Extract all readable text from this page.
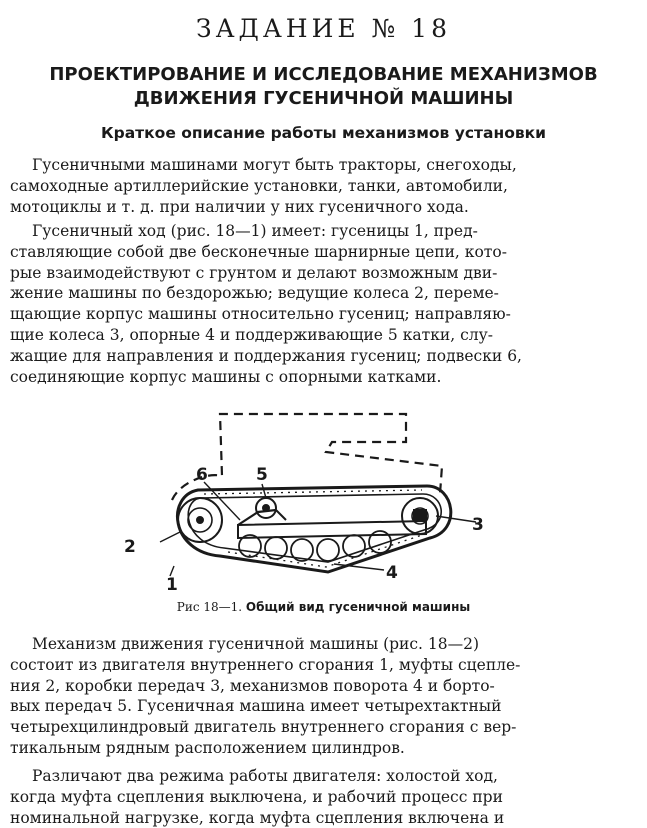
ЗАДАНИЕ № 18
ПРОЕКТИРОВАНИЕ И ИССЛЕДОВАНИЕ МЕХАНИЗМОВ
ДВИЖЕНИЯ ГУСЕНИЧНОЙ МАШИНЫ
Краткое описание работы механизмов установки

Гусеничными машинами могут быть тракторы, снегоходы,
самоходные артиллерийские установки, танки, автомобили,
мотоциклы и т. д. при наличии у них гусеничного хода.

Гусеничный ход (рис. 18—1) имеет: гусеницы 1, пред-
ставляющие собой две бесконечные шарнирные цепи, кото-
рые взаимодействуют с грунтом и делают возможным дви-
жение машины по бездорожью; ведущие колеса 2, переме-
щающие корпус машины относительно гусениц; направляю-
щие колеса 3, опорные 4 и поддерживающие 5 катки, слу-
жащие для направления и поддержания гусениц; подвески 6,
соединяющие корпус машины с опорными катками.

2
3
4
5
6
1
Рис 18—1. Общий вид гусеничной машины

Механизм движения гусеничной машины (рис. 18—2)
состоит из двигателя внутреннего сгорания 1, муфты сцепле-
ния 2, коробки передач 3, механизмов поворота 4 и борто-
вых передач 5. Гусеничная машина имеет четырехтактный
четырехцилиндровый двигатель внутреннего сгорания с вер-
тикальным рядным расположением цилиндров.

Различают два режима работы двигателя: холостой ход,
когда муфта сцепления выключена, и рабочий процесс при
номинальной нагрузке, когда муфта сцепления включена и
